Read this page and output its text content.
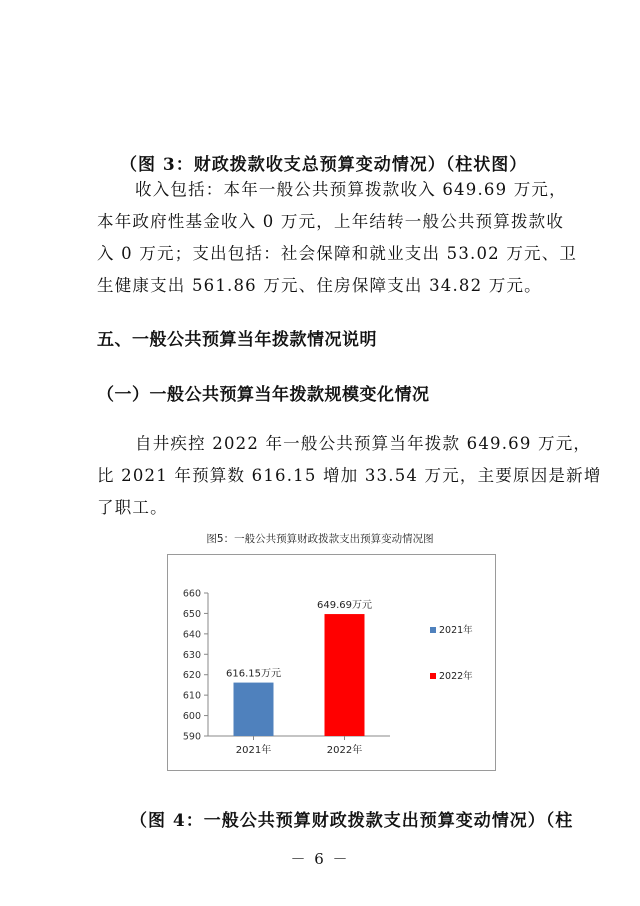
（图 3：财政拨款收支总预算变动情况）（柱状图）
收入包括：本年一般公共预算拨款收入 649.69 万元，
本年政府性基金收入 0 万元，上年结转一般公共预算拨款收
入 0 万元；支出包括：社会保障和就业支出 53.02 万元、卫
生健康支出 561.86 万元、住房保障支出 34.82 万元。
五、一般公共预算当年拨款情况说明
（一）一般公共预算当年拨款规模变化情况
自井疾控 2022 年一般公共预算当年拨款 649.69 万元，
比 2021 年预算数 616.15 增加 33.54 万元，主要原因是新增
了职工。
图5：一般公共预算财政拨款支出预算变动情况图
590
600
610
620
630
640
650
660
616.15万元
2021年
649.69万元
2022年
2021年
2022年
（图 4：一般公共预算财政拨款支出预算变动情况）（柱
－ 6 －
